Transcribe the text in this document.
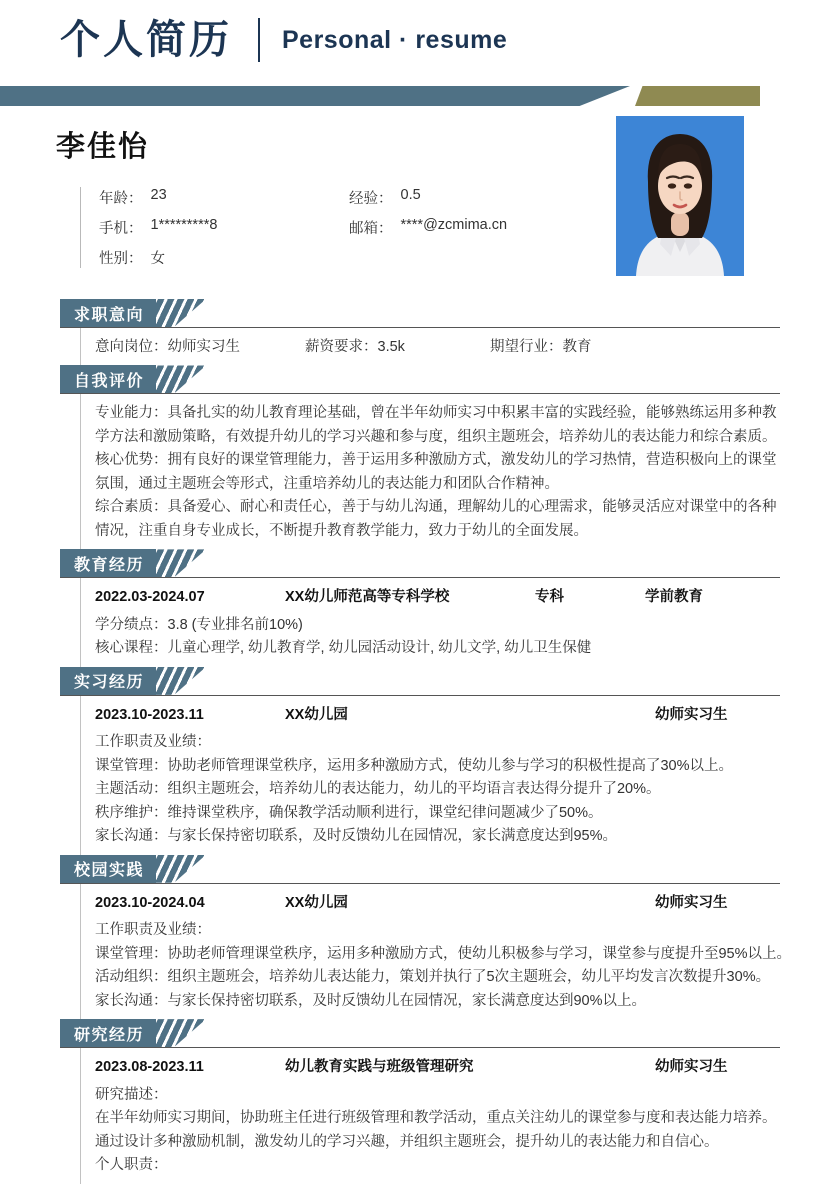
个人简历 Personal · resume
李佳怡
年龄 ： 23	经验 ： 0.5
手机 ： 1*********8	邮箱 ： ****@zcmima.cn
性别 ： 女
求职意向
意向岗位：幼师实习生	薪资要求：3.5k	期望行业：教育
自我评价
专业能力：具备扎实的幼儿教育理论基础，曾在半年幼师实习中积累丰富的实践经验，能够熟练运用多种教学方法和激励策略，有效提升幼儿的学习兴趣和参与度，组织主题班会，培养幼儿的表达能力和综合素质。
核心优势：拥有良好的课堂管理能力，善于运用多种激励方式，激发幼儿的学习热情，营造积极向上的课堂氛围，通过主题班会等形式，注重培养幼儿的表达能力和团队合作精神。
综合素质：具备爱心、耐心和责任心，善于与幼儿沟通，理解幼儿的心理需求，能够灵活应对课堂中的各种情况，注重自身专业成长，不断提升教育教学能力，致力于幼儿的全面发展。
教育经历
2022.03-2024.07	XX幼儿师范高等专科学校	专科	学前教育
学分绩点：3.8 (专业排名前10%)
核心课程：儿童心理学, 幼儿教育学, 幼儿园活动设计, 幼儿文学, 幼儿卫生保健
实习经历
2023.10-2023.11	XX幼儿园	幼师实习生
工作职责及业绩：
课堂管理：协助老师管理课堂秩序，运用多种激励方式，使幼儿参与学习的积极性提高了30%以上。
主题活动：组织主题班会，培养幼儿的表达能力，幼儿的平均语言表达得分提升了20%。
秩序维护：维持课堂秩序，确保教学活动顺利进行，课堂纪律问题减少了50%。
家长沟通：与家长保持密切联系，及时反馈幼儿在园情况，家长满意度达到95%。
校园实践
2023.10-2024.04	XX幼儿园	幼师实习生
工作职责及业绩：
课堂管理：协助老师管理课堂秩序，运用多种激励方式，使幼儿积极参与学习，课堂参与度提升至95%以上。
活动组织：组织主题班会，培养幼儿表达能力，策划并执行了5次主题班会，幼儿平均发言次数提升30%。
家长沟通：与家长保持密切联系，及时反馈幼儿在园情况，家长满意度达到90%以上。
研究经历
2023.08-2023.11	幼儿教育实践与班级管理研究	幼师实习生
研究描述：
在半年幼师实习期间，协助班主任进行班级管理和教学活动，重点关注幼儿的课堂参与度和表达能力培养。通过设计多种激励机制，激发幼儿的学习兴趣，并组织主题班会，提升幼儿的表达能力和自信心。
个人职责：
